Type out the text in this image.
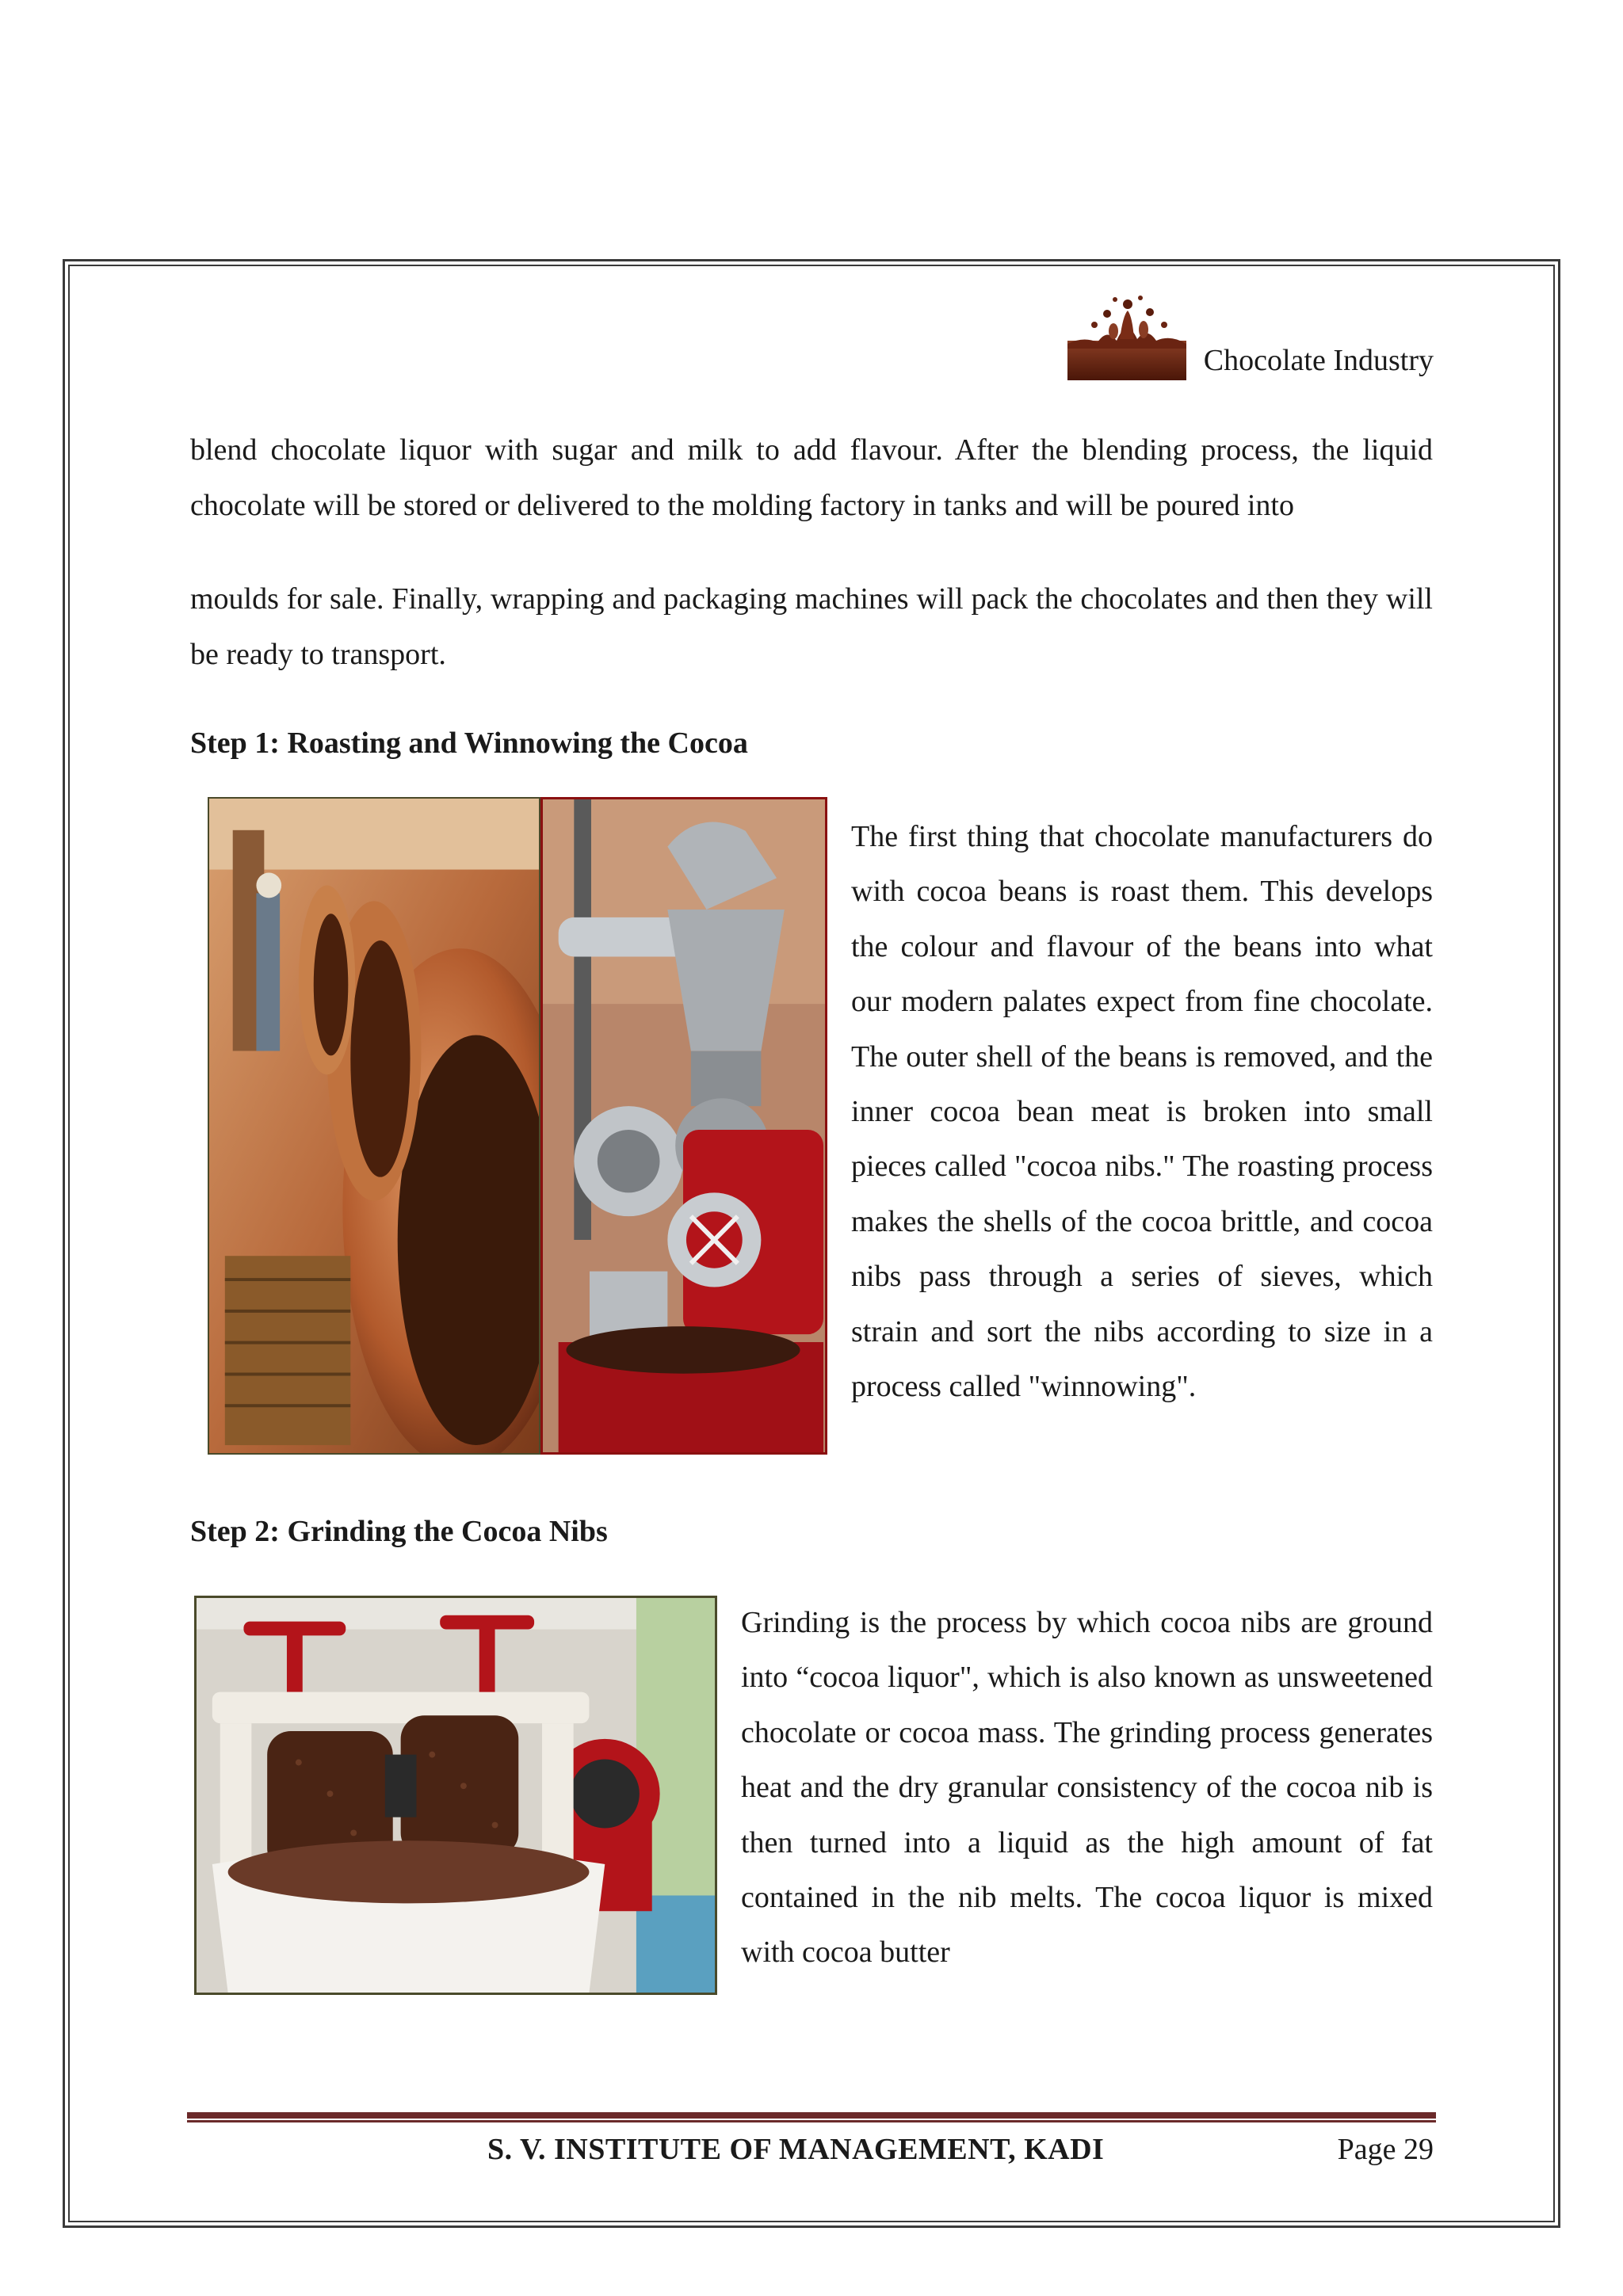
Chocolate Industry

blend chocolate liquor with sugar and milk to add flavour. After the blending process, the liquid chocolate will be stored or delivered to the molding factory in tanks and will be poured into

moulds for sale. Finally, wrapping and packaging machines will pack the chocolates and then they will be ready to transport.

Step 1: Roasting and Winnowing the Cocoa

The first thing that chocolate manufacturers do with cocoa beans is roast them. This develops the colour and flavour of the beans into what our modern palates expect from fine chocolate. The outer shell of the beans is removed, and the inner cocoa bean meat is broken into small pieces called "cocoa nibs." The roasting process makes the shells of the cocoa brittle, and cocoa nibs pass through a series of sieves, which strain and sort the nibs according to size in a process called "winnowing".

Step 2: Grinding the Cocoa Nibs

Grinding is the process by which cocoa nibs are ground into “cocoa liquor", which is also known as unsweetened chocolate or cocoa mass. The grinding process generates heat and the dry granular consistency of the cocoa nib is then turned into a liquid as the high amount of fat contained in the nib melts. The cocoa liquor is mixed with cocoa butter

S. V. INSTITUTE OF MANAGEMENT, KADI	Page 29
